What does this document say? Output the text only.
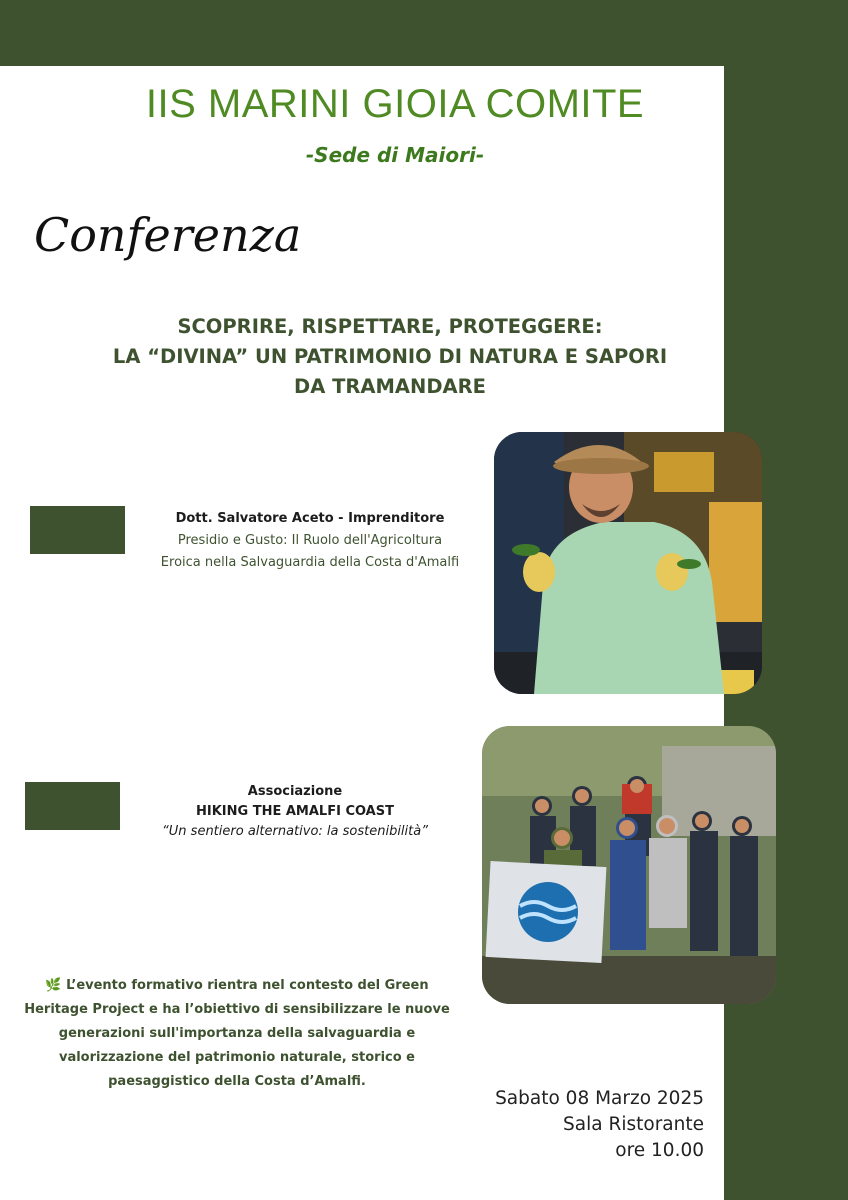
IIS MARINI GIOIA COMITE
-Sede di Maiori-
Conferenza
SCOPRIRE, RISPETTARE, PROTEGGERE:
LA “DIVINA” UN PATRIMONIO DI NATURA E SAPORI
DA TRAMANDARE
Dott. Salvatore Aceto - Imprenditore
Presidio e Gusto: Il Ruolo dell'Agricoltura
Eroica nella Salvaguardia della Costa d'Amalfi
Associazione
HIKING THE AMALFI COAST
“Un sentiero alternativo: la sostenibilità”
🌿 L’evento formativo rientra nel contesto del Green
Heritage Project e ha l’obiettivo di sensibilizzare le nuove
generazioni sull'importanza della salvaguardia e
valorizzazione del patrimonio naturale, storico e
paesaggistico della Costa d’Amalfi.
Sabato 08 Marzo 2025
Sala Ristorante
ore 10.00
